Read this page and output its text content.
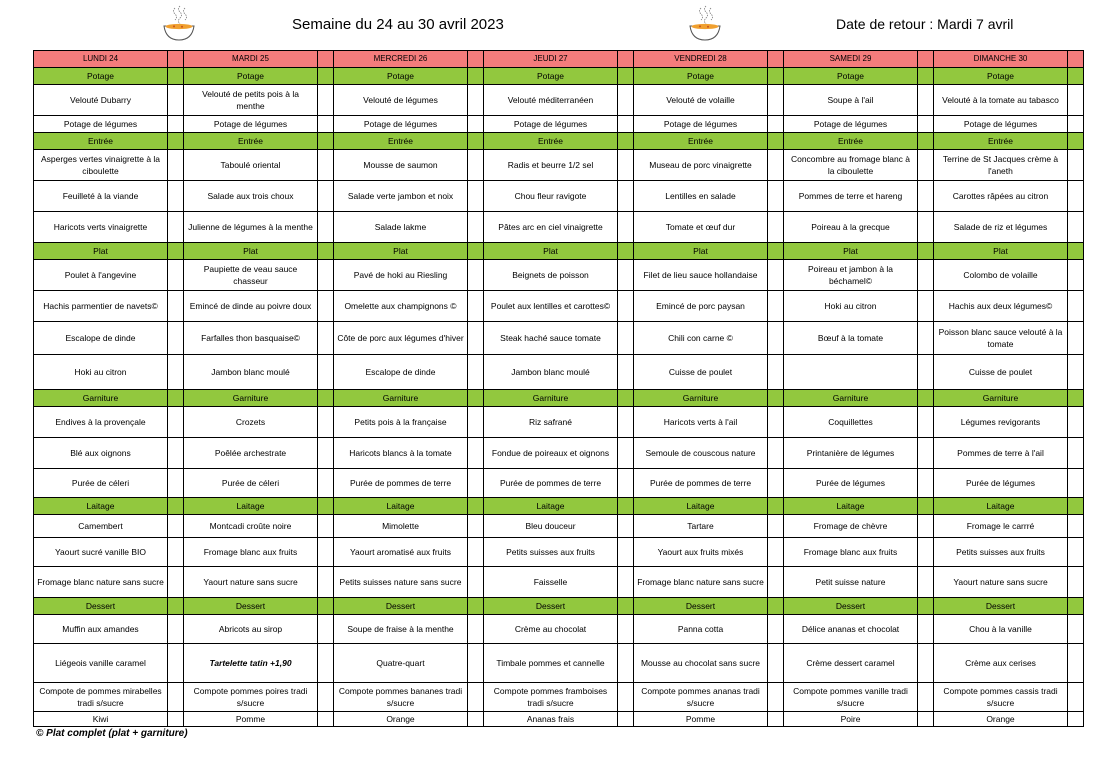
Semaine du 24 au 30 avril 2023	Date de retour : Mardi 7 avril
LUNDI 24		MARDI 25		MERCREDI 26		JEUDI 27		VENDREDI 28		SAMEDI 29		DIMANCHE 30	
Potage		Potage		Potage		Potage		Potage		Potage		Potage	
Velouté Dubarry		Velouté de petits pois à la menthe		Velouté de légumes		Velouté méditerranéen		Velouté de volaille		Soupe à l'ail		Velouté à la tomate au tabasco	
Potage de légumes		Potage de légumes		Potage de légumes		Potage de légumes		Potage de légumes		Potage de légumes		Potage de légumes	
Entrée		Entrée		Entrée		Entrée		Entrée		Entrée		Entrée	
Asperges vertes vinaigrette à la ciboulette		Taboulé oriental		Mousse de saumon		Radis et beurre 1/2 sel		Museau de porc vinaigrette		Concombre au fromage blanc à la ciboulette		Terrine de St Jacques crème à l'aneth	
Feuilleté à la viande		Salade aux trois choux		Salade verte jambon et noix		Chou fleur ravigote		Lentilles en salade		Pommes de terre et hareng		Carottes râpées au citron	
Haricots verts vinaigrette		Julienne de légumes à la menthe		Salade lakme		Pâtes arc en ciel vinaigrette		Tomate et œuf dur		Poireau à la grecque		Salade de riz et légumes	
Plat		Plat		Plat		Plat		Plat		Plat		Plat	
Poulet à l'angevine		Paupiette de veau sauce chasseur		Pavé de hoki au Riesling		Beignets de poisson		Filet de lieu sauce hollandaise		Poireau et jambon à la béchamel©		Colombo de volaille	
Hachis parmentier de navets©		Emincé de dinde au poivre doux		Omelette aux champignons ©		Poulet aux lentilles et carottes©		Emincé de porc paysan		Hoki au citron		Hachis aux deux légumes©	
Escalope de dinde		Farfalles thon basquaise©		Côte de porc aux légumes d'hiver		Steak haché sauce tomate		Chili con carne ©		Bœuf à la tomate		Poisson blanc sauce velouté à la tomate	
Hoki au citron		Jambon blanc moulé		Escalope de dinde		Jambon blanc moulé		Cuisse de poulet				Cuisse de poulet	
Garniture		Garniture		Garniture		Garniture		Garniture		Garniture		Garniture	
Endives à la provençale		Crozets		Petits pois à la française		Riz safrané		Haricots verts à l'ail		Coquillettes		Légumes revigorants	
Blé aux oignons		Poêlée archestrate		Haricots blancs à la tomate		Fondue de poireaux et oignons		Semoule de couscous nature		Printanière de légumes		Pommes de terre à l'ail	
Purée de céleri		Purée de céleri		Purée de pommes de terre		Purée de pommes de terre		Purée de pommes de terre		Purée de légumes		Purée de légumes	
Laitage		Laitage		Laitage		Laitage		Laitage		Laitage		Laitage	
Camembert		Montcadi croûte noire		Mimolette		Bleu douceur		Tartare		Fromage de chèvre		Fromage le carrré	
Yaourt sucré vanille BIO		Fromage blanc aux fruits		Yaourt aromatisé aux fruits		Petits suisses aux fruits		Yaourt aux fruits mixés		Fromage blanc aux fruits		Petits suisses aux fruits	
Fromage blanc nature sans sucre		Yaourt nature sans sucre		Petits suisses nature sans sucre		Faisselle		Fromage blanc nature sans sucre		Petit suisse nature		Yaourt nature sans sucre	
Dessert		Dessert		Dessert		Dessert		Dessert		Dessert		Dessert	
Muffin aux amandes		Abricots au sirop		Soupe de fraise à la menthe		Crème au chocolat		Panna cotta		Délice ananas et chocolat		Chou à la vanille	
Liégeois vanille caramel		Tartelette tatin +1,90		Quatre-quart		Timbale pommes et cannelle		Mousse au chocolat sans sucre		Crème dessert caramel		Crème aux cerises	
Compote de pommes mirabelles tradi s/sucre		Compote pommes poires tradi s/sucre		Compote pommes bananes tradi s/sucre		Compote pommes framboises tradi s/sucre		Compote pommes ananas tradi s/sucre		Compote pommes vanille tradi s/sucre		Compote pommes cassis tradi s/sucre	
Kiwi		Pomme		Orange		Ananas frais		Pomme		Poire		Orange	
© Plat complet (plat + garniture)
